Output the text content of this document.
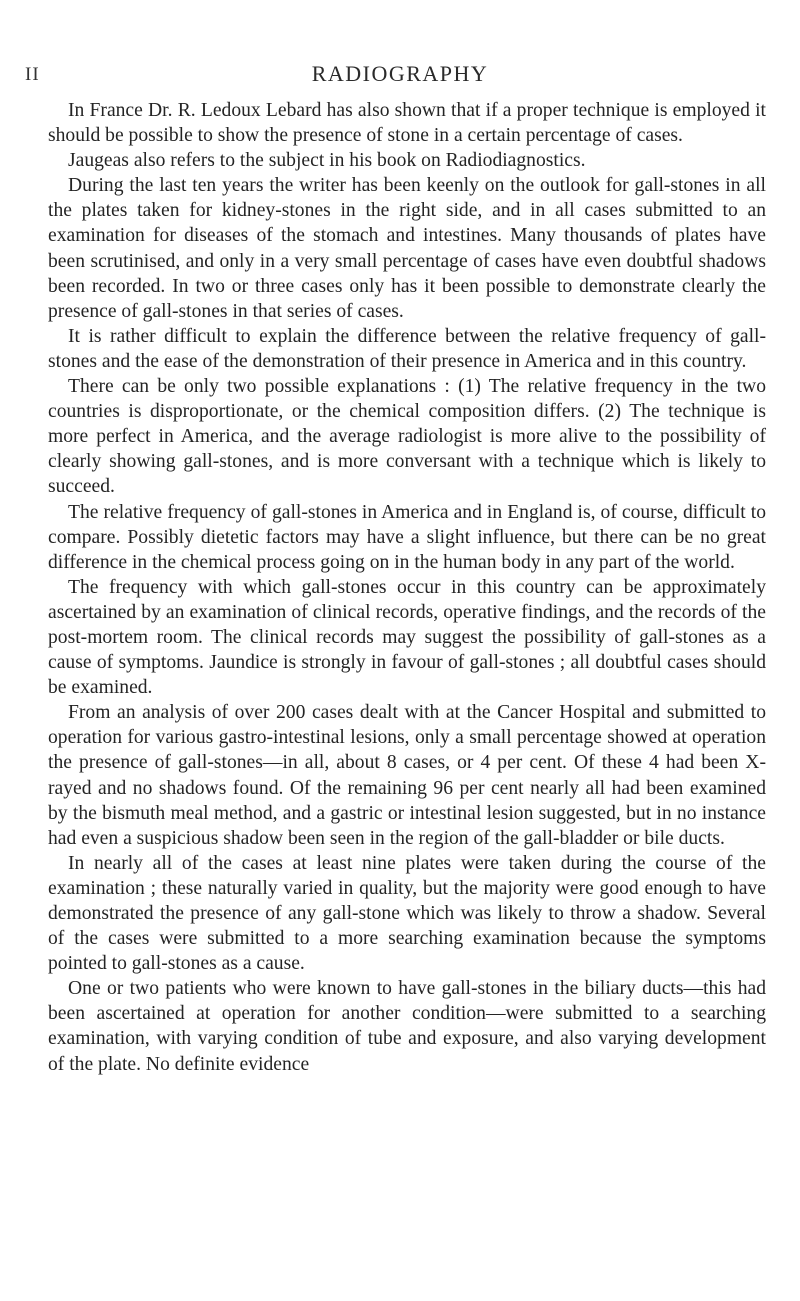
II	RADIOGRAPHY

In France Dr. R. Ledoux Lebard has also shown that if a proper technique is employed it should be possible to show the presence of stone in a certain percentage of cases.

Jaugeas also refers to the subject in his book on Radiodiagnostics.

During the last ten years the writer has been keenly on the outlook for gall-stones in all the plates taken for kidney-stones in the right side, and in all cases submitted to an examination for diseases of the stomach and intestines. Many thousands of plates have been scrutinised, and only in a very small percentage of cases have even doubtful shadows been recorded. In two or three cases only has it been possible to demonstrate clearly the presence of gall-stones in that series of cases.

It is rather difficult to explain the difference between the relative frequency of gall-stones and the ease of the demonstration of their presence in America and in this country.

There can be only two possible explanations : (1) The relative frequency in the two countries is disproportionate, or the chemical composition differs. (2) The technique is more perfect in America, and the average radiologist is more alive to the possibility of clearly showing gall-stones, and is more conversant with a technique which is likely to succeed.

The relative frequency of gall-stones in America and in England is, of course, difficult to compare. Possibly dietetic factors may have a slight influence, but there can be no great difference in the chemical process going on in the human body in any part of the world.

The frequency with which gall-stones occur in this country can be approximately ascertained by an examination of clinical records, operative findings, and the records of the post-mortem room. The clinical records may suggest the possibility of gall-stones as a cause of symptoms. Jaundice is strongly in favour of gall-stones ; all doubtful cases should be examined.

From an analysis of over 200 cases dealt with at the Cancer Hospital and submitted to operation for various gastro-intestinal lesions, only a small percentage showed at operation the presence of gall-stones—in all, about 8 cases, or 4 per cent. Of these 4 had been X-rayed and no shadows found. Of the remaining 96 per cent nearly all had been examined by the bismuth meal method, and a gastric or intestinal lesion suggested, but in no instance had even a suspicious shadow been seen in the region of the gall-bladder or bile ducts.

In nearly all of the cases at least nine plates were taken during the course of the examination ; these naturally varied in quality, but the majority were good enough to have demonstrated the presence of any gall-stone which was likely to throw a shadow. Several of the cases were submitted to a more searching examination because the symptoms pointed to gall-stones as a cause.

One or two patients who were known to have gall-stones in the biliary ducts—this had been ascertained at operation for another condition—were submitted to a searching examination, with varying condition of tube and exposure, and also varying development of the plate. No definite evidence
